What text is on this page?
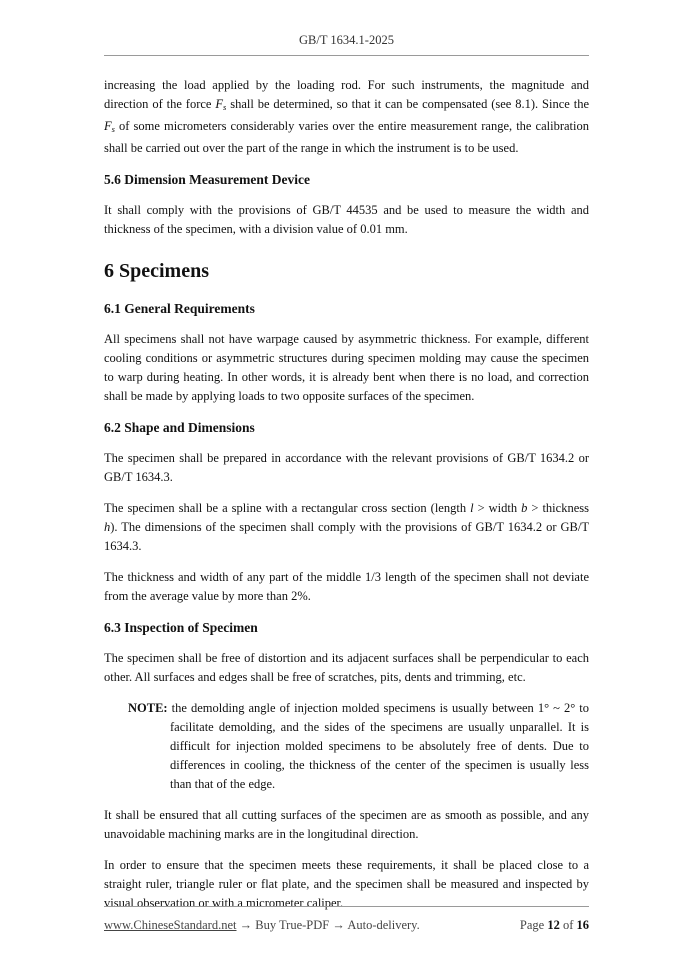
GB/T 1634.1-2025

increasing the load applied by the loading rod. For such instruments, the magnitude and direction of the force Fs shall be determined, so that it can be compensated (see 8.1). Since the Fs of some micrometers considerably varies over the entire measurement range, the calibration shall be carried out over the part of the range in which the instrument is to be used.

5.6 Dimension Measurement Device

It shall comply with the provisions of GB/T 44535 and be used to measure the width and thickness of the specimen, with a division value of 0.01 mm.

6 Specimens
6.1 General Requirements

All specimens shall not have warpage caused by asymmetric thickness. For example, different cooling conditions or asymmetric structures during specimen molding may cause the specimen to warp during heating. In other words, it is already bent when there is no load, and correction shall be made by applying loads to two opposite surfaces of the specimen.

6.2 Shape and Dimensions

The specimen shall be prepared in accordance with the relevant provisions of GB/T 1634.2 or GB/T 1634.3.

The specimen shall be a spline with a rectangular cross section (length l > width b > thickness h). The dimensions of the specimen shall comply with the provisions of GB/T 1634.2 or GB/T 1634.3.

The thickness and width of any part of the middle 1/3 length of the specimen shall not deviate from the average value by more than 2%.

6.3 Inspection of Specimen

The specimen shall be free of distortion and its adjacent surfaces shall be perpendicular to each other. All surfaces and edges shall be free of scratches, pits, dents and trimming, etc.

NOTE: the demolding angle of injection molded specimens is usually between 1° ~ 2° to facilitate demolding, and the sides of the specimens are usually unparallel. It is difficult for injection molded specimens to be absolutely free of dents. Due to differences in cooling, the thickness of the center of the specimen is usually less than that of the edge.

It shall be ensured that all cutting surfaces of the specimen are as smooth as possible, and any unavoidable machining marks are in the longitudinal direction.

In order to ensure that the specimen meets these requirements, it shall be placed close to a straight ruler, triangle ruler or flat plate, and the specimen shall be measured and inspected by visual observation or with a micrometer caliper.

www.ChineseStandard.net → Buy True-PDF → Auto-delivery.	Page 12 of 16
